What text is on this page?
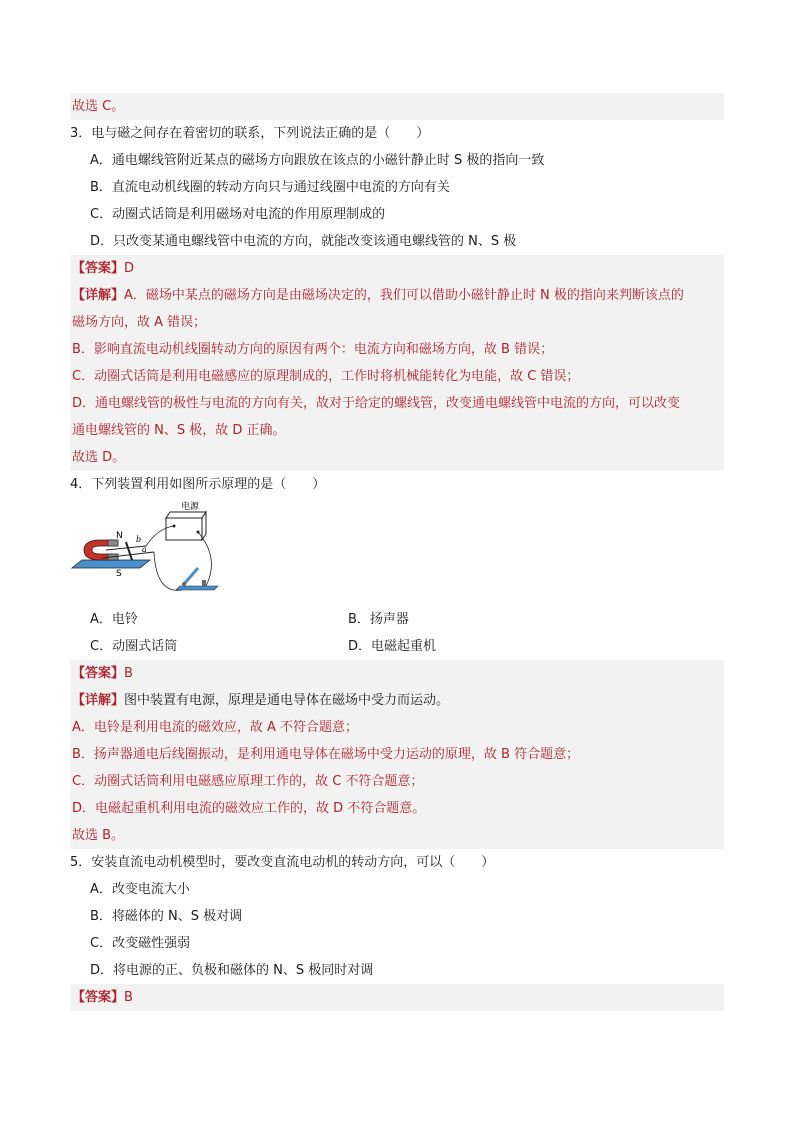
故选 C。
3．电与磁之间存在着密切的联系，下列说法正确的是（　　）
A．通电螺线管附近某点的磁场方向跟放在该点的小磁针静止时 S 极的指向一致
B．直流电动机线圈的转动方向只与通过线圈中电流的方向有关
C．动圈式话筒是利用磁场对电流的作用原理制成的
D．只改变某通电螺线管中电流的方向，就能改变该通电螺线管的 N、S 极
【答案】D
【详解】A．磁场中某点的磁场方向是由磁场决定的，我们可以借助小磁针静止时 N 极的指向来判断该点的
磁场方向，故 A 错误；
B．影响直流电动机线圈转动方向的原因有两个：电流方向和磁场方向，故 B 错误；
C．动圈式话筒是利用电磁感应的原理制成的，工作时将机械能转化为电能，故 C 错误；
D．通电螺线管的极性与电流的方向有关，故对于给定的螺线管，改变通电螺线管中电流的方向，可以改变
通电螺线管的 N、S 极，故 D 正确。
故选 D。
4．下列装置利用如图所示原理的是（　　）
电源
N
S
b
a
A．电铃	B．扬声器
C．动圈式话筒	D．电磁起重机
【答案】B
【详解】图中装置有电源，原理是通电导体在磁场中受力而运动。
A．电铃是利用电流的磁效应，故 A 不符合题意；
B．扬声器通电后线圈振动，是利用通电导体在磁场中受力运动的原理，故 B 符合题意；
C．动圈式话筒利用电磁感应原理工作的，故 C 不符合题意；
D．电磁起重机利用电流的磁效应工作的，故 D 不符合题意。
故选 B。
5．安装直流电动机模型时，要改变直流电动机的转动方向，可以（　　）
A．改变电流大小
B．将磁体的 N、S 极对调
C．改变磁性强弱
D．将电源的正、负极和磁体的 N、S 极同时对调
【答案】B
